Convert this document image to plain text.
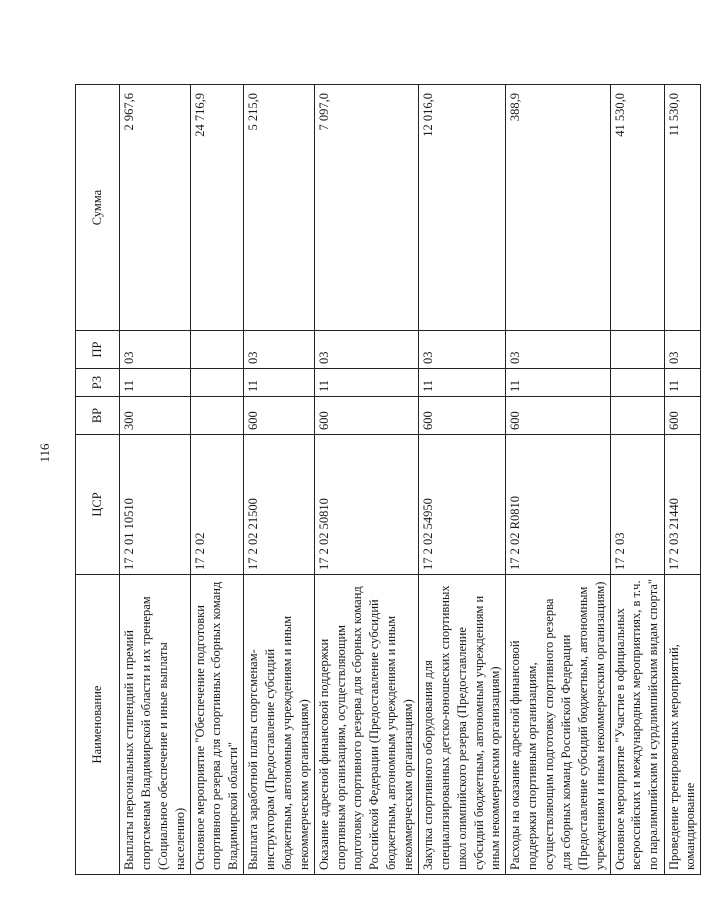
116
Наименование	ЦСР	ВР	РЗ	ПР	Сумма
Выплаты персональных стипендий и премий спортсменам Владимирской области и их тренерам (Социальное обеспечение и иные выплаты населению)	17 2 01 10510	300	11	03	2 967,6
Основное мероприятие "Обеспечение подготовки спортивного резерва для спортивных сборных команд Владимирской области"	17 2 02				24 716,9
Выплата заработной платы спортсменам-инструкторам (Предоставление субсидий бюджетным, автономным учреждениям и иным некоммерческим организациям)	17 2 02 21500	600	11	03	5 215,0
Оказание адресной финансовой поддержки спортивным организациям, осуществляющим подготовку спортивного резерва для сборных команд Российской Федерации (Предоставление субсидий бюджетным, автономным учреждениям и иным некоммерческим организациям)	17 2 02 50810	600	11	03	7 097,0
Закупка спортивного оборудования для специализированных детско-юношеских спортивных школ олимпийского резерва (Предоставление субсидий бюджетным, автономным учреждениям и иным некоммерческим организациям)	17 2 02 54950	600	11	03	12 016,0
Расходы на оказание адресной финансовой поддержки спортивным организациям, осуществляющим подготовку спортивного резерва для сборных команд Российской Федерации (Предоставление субсидий бюджетным, автономным учреждениям и иным некоммерческим организациям)	17 2 02 R0810	600	11	03	388,9
Основное мероприятие "Участие в официальных всероссийских и международных мероприятиях, в т.ч. по паралимпийским и сурдлимпийским видам спорта"	17 2 03				41 530,0
Проведение тренировочных мероприятий, командирование	17 2 03 21440	600	11	03	11 530,0
